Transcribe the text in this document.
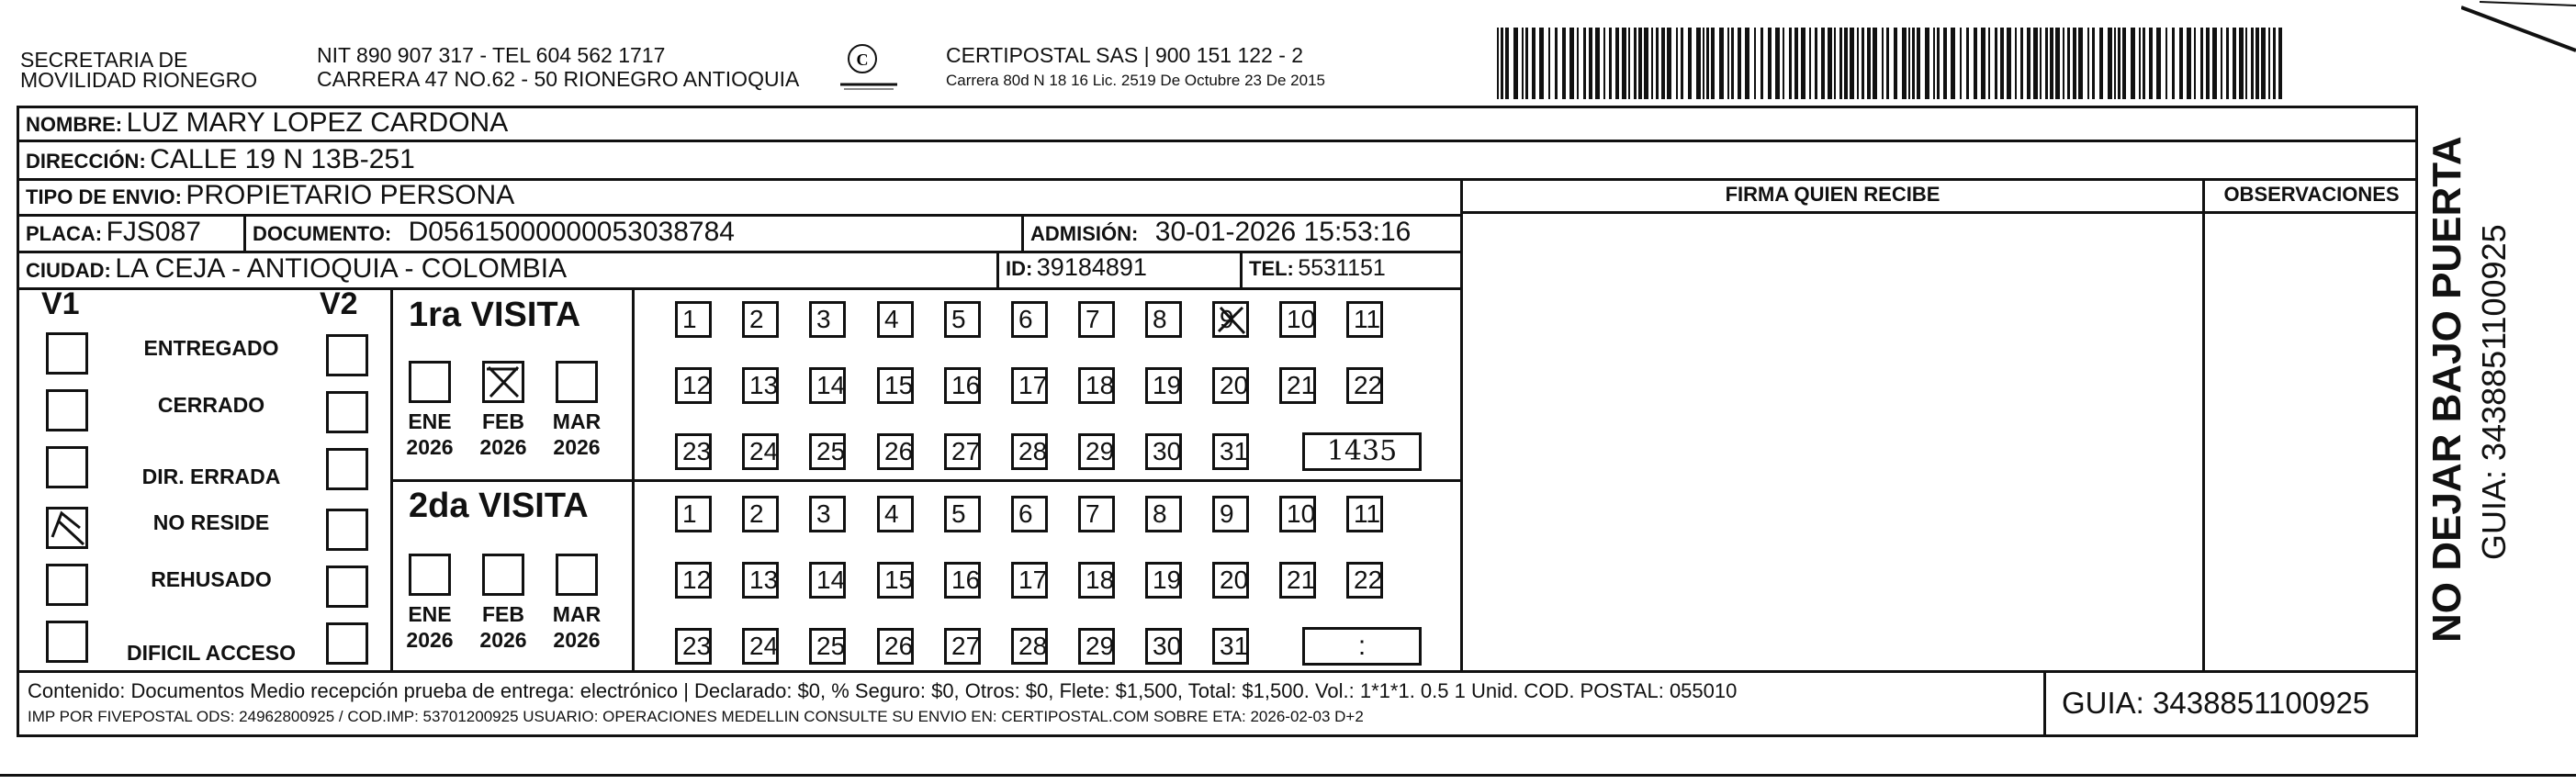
SECRETARIA DE
MOVILIDAD RIONEGRO
NIT 890 907 317 - TEL 604 562 1717
CARRERA 47 NO.62 - 50 RIONEGRO ANTIOQUIA
C	CERTIPOSTAL SAS | 900 151 122 - 2
Carrera 80d N 18 16 Lic. 2519 De Octubre 23 De 2015
NOMBRE: LUZ MARY LOPEZ CARDONA
DIRECCIÓN: CALLE 19 N 13B-251
TIPO DE ENVIO: PROPIETARIO PERSONA	FIRMA QUIEN RECIBE	OBSERVACIONES
PLACA: FJS087	DOCUMENTO: D05615000000053038784	ADMISIÓN: 30-01-2026 15:53:16
CIUDAD: LA CEJA - ANTIOQUIA - COLOMBIA	ID: 39184891	TEL: 5531151
V1	V2
ENTREGADO
CERRADO
DIR. ERRADA
NO RESIDE
REHUSADO
DIFICIL ACCESO
1ra VISITA
2da VISITA
ENE
2026
FEB
2026
MAR
2026
ENE
2026
FEB
2026
MAR
2026
1	2	3	4	5	6	7	8	9	10 11
12 13 14 15 16 17 18 19 20 21 22
23 24 25 26 27 28 29 30 31	1435
1	2	3	4	5	6	7	8	9	10 11
12 13 14 15 16 17 18 19 20 21 22
23 24 25 26 27 28 29 30 31	:
Contenido: Documentos Medio recepción prueba de entrega: electrónico | Declarado: $0, % Seguro: $0, Otros: $0, Flete: $1,500, Total: $1,500. Vol.: 1*1*1. 0.5 1 Unid. COD. POSTAL: 055010
IMP POR FIVEPOSTAL ODS: 24962800925 / COD.IMP: 53701200925 USUARIO: OPERACIONES MEDELLIN CONSULTE SU ENVIO EN: CERTIPOSTAL.COM SOBRE ETA: 2026-02-03 D+2	GUIA: 3438851100925
NO DEJAR BAJO PUERTA GUIA: 3438851100925
